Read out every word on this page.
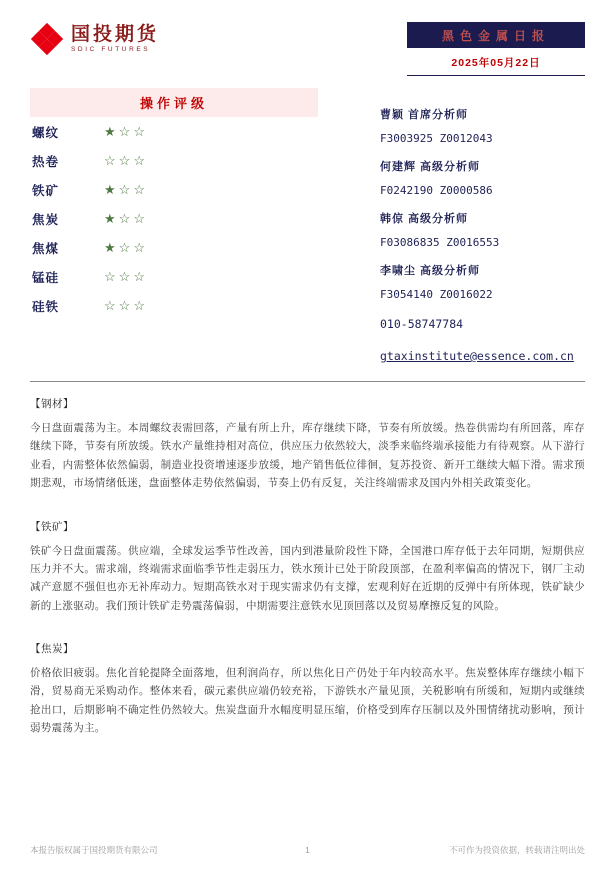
国投期货
SDIC FUTURES
黑色金属日报
2025年05月22日
操作评级
螺纹	★☆☆
热卷	☆☆☆
铁矿	★☆☆
焦炭	★☆☆
焦煤	★☆☆
锰硅	☆☆☆
硅铁	☆☆☆
曹颖 首席分析师
F3003925 Z0012043
何建辉 高级分析师
F0242190 Z0000586
韩倞 高级分析师
F03086835 Z0016553
李啸尘 高级分析师
F3054140 Z0016022
010-58747784
gtaxinstitute@essence.com.cn
【钢材】

今日盘面震荡为主。本周螺纹表需回落，产量有所上升，库存继续下降，节奏有所放缓。热卷供需均有所回落，库存继续下降，节奏有所放缓。铁水产量维持相对高位，供应压力依然较大，淡季来临终端承接能力有待观察。从下游行业看，内需整体依然偏弱，制造业投资增速逐步放缓，地产销售低位徘徊，复苏投资、新开工继续大幅下滑。需求预期悲观，市场情绪低迷，盘面整体走势依然偏弱，节奏上仍有反复，关注终端需求及国内外相关政策变化。

【铁矿】

铁矿今日盘面震荡。供应端，全球发运季节性改善，国内到港量阶段性下降，全国港口库存低于去年同期，短期供应压力并不大。需求端，终端需求面临季节性走弱压力，铁水预计已处于阶段顶部，在盈利率偏高的情况下，钢厂主动减产意愿不强但也亦无补库动力。短期高铁水对于现实需求仍有支撑，宏观利好在近期的反弹中有所体现，铁矿缺少新的上涨驱动。我们预计铁矿走势震荡偏弱，中期需要注意铁水见顶回落以及贸易摩擦反复的风险。

【焦炭】

价格依旧疲弱。焦化首轮提降全面落地，但利润尚存，所以焦化日产仍处于年内较高水平。焦炭整体库存继续小幅下滑，贸易商无采购动作。整体来看，碳元素供应端仍较充裕，下游铁水产量见顶，关税影响有所缓和，短期内或继续抢出口，后期影响不确定性仍然较大。焦炭盘面升水幅度明显压缩，价格受到库存压制以及外围情绪扰动影响，预计弱势震荡为主。

本报告版权属于国投期货有限公司	1	不可作为投资依据，转载请注明出处
